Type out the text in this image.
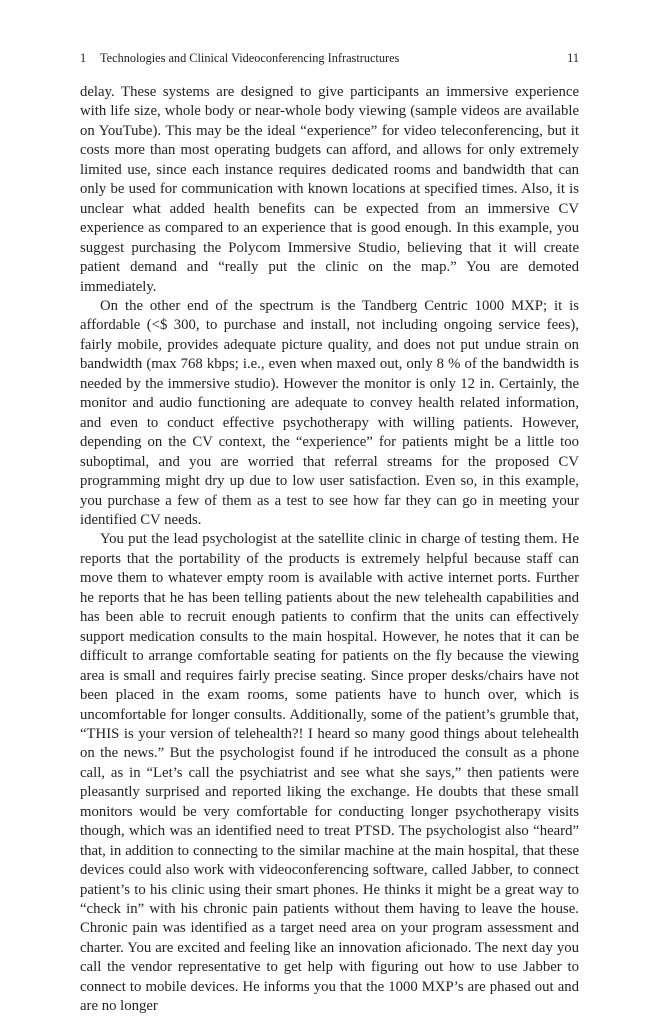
1 Technologies and Clinical Videoconferencing Infrastructures	11

delay. These systems are designed to give participants an immersive experience with life size, whole body or near-whole body viewing (sample videos are available on YouTube). This may be the ideal “experience” for video teleconferencing, but it costs more than most operating budgets can afford, and allows for only extremely limited use, since each instance requires dedicated rooms and bandwidth that can only be used for communication with known locations at specified times. Also, it is unclear what added health benefits can be expected from an immersive CV experience as compared to an experience that is good enough. In this example, you suggest purchasing the Polycom Immersive Studio, believing that it will create patient demand and “really put the clinic on the map.” You are demoted immediately.

On the other end of the spectrum is the Tandberg Centric 1000 MXP; it is affordable (<$ 300, to purchase and install, not including ongoing service fees), fairly mobile, provides adequate picture quality, and does not put undue strain on bandwidth (max 768 kbps; i.e., even when maxed out, only 8 % of the bandwidth is needed by the immersive studio). However the monitor is only 12 in. Certainly, the monitor and audio functioning are adequate to convey health related information, and even to conduct effective psychotherapy with willing patients. However, depending on the CV context, the “experience” for patients might be a little too suboptimal, and you are worried that referral streams for the proposed CV programming might dry up due to low user satisfaction. Even so, in this example, you purchase a few of them as a test to see how far they can go in meeting your identified CV needs.

You put the lead psychologist at the satellite clinic in charge of testing them. He reports that the portability of the products is extremely helpful because staff can move them to whatever empty room is available with active internet ports. Further he reports that he has been telling patients about the new telehealth capabilities and has been able to recruit enough patients to confirm that the units can effectively support medication consults to the main hospital. However, he notes that it can be difficult to arrange comfortable seating for patients on the fly because the viewing area is small and requires fairly precise seating. Since proper desks/chairs have not been placed in the exam rooms, some patients have to hunch over, which is uncomfortable for longer consults. Additionally, some of the patient’s grumble that, “THIS is your version of telehealth?! I heard so many good things about telehealth on the news.” But the psychologist found if he introduced the consult as a phone call, as in “Let’s call the psychiatrist and see what she says,” then patients were pleasantly surprised and reported liking the exchange. He doubts that these small monitors would be very comfortable for conducting longer psychotherapy visits though, which was an identified need to treat PTSD. The psychologist also “heard” that, in addition to connecting to the similar machine at the main hospital, that these devices could also work with videoconferencing software, called Jabber, to connect patient’s to his clinic using their smart phones. He thinks it might be a great way to “check in” with his chronic pain patients without them having to leave the house. Chronic pain was identified as a target need area on your program assessment and charter. You are excited and feeling like an innovation aficionado. The next day you call the vendor representative to get help with figuring out how to use Jabber to connect to mobile devices. He informs you that the 1000 MXP’s are phased out and are no longer
